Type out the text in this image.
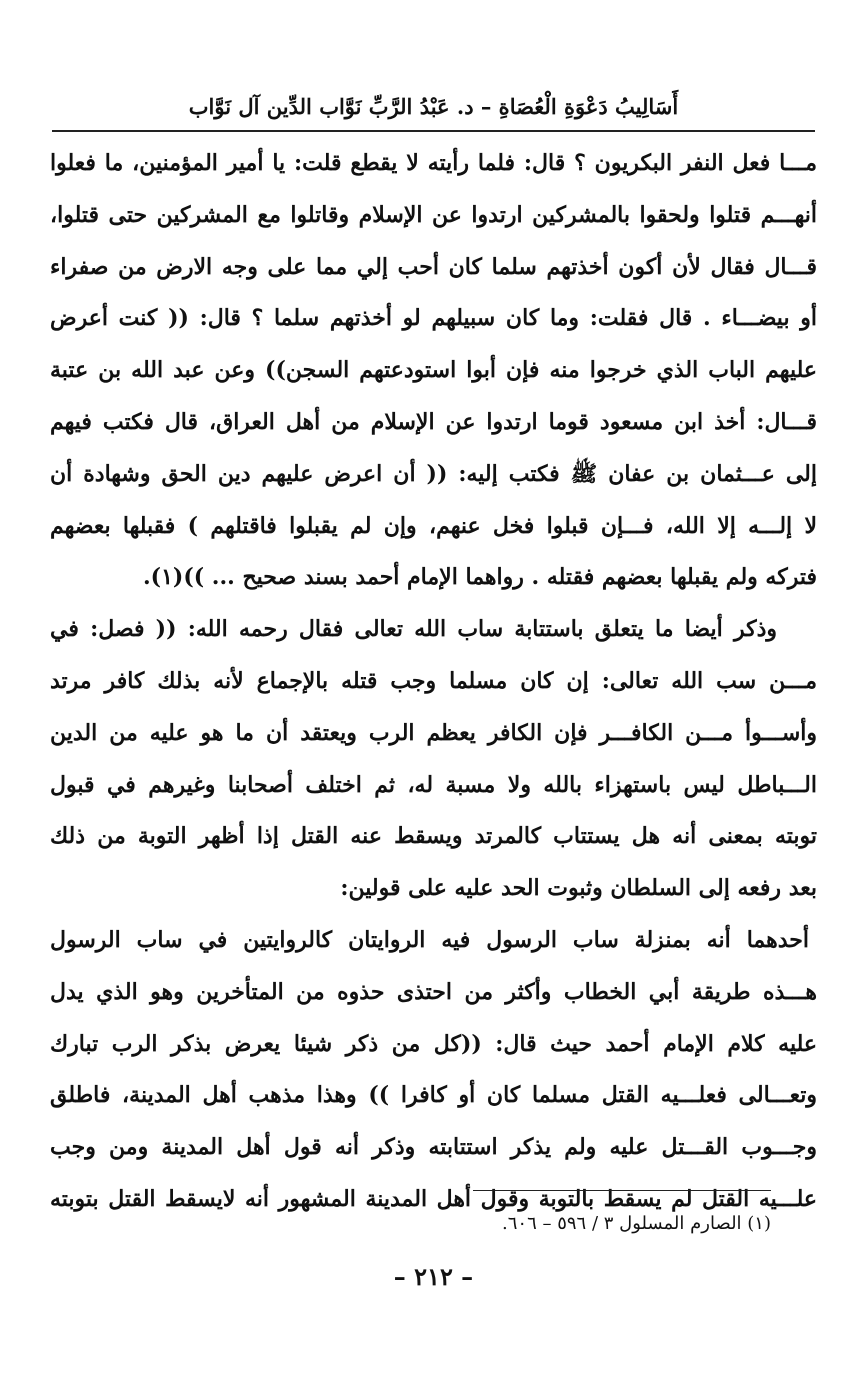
أَسَالِيبُ دَعْوَةِ الْعُصَاةِ – د. عَبْدُ الرَّبِّ نَوَّاب الدِّين آل نَوَّاب
مـــا فعل النفر البكريون ؟ قال: فلما رأيته لا يقطع قلت: يا أمير المؤمنين، ما فعلوا
أنهـــم قتلوا ولحقوا بالمشركين ارتدوا عن الإسلام وقاتلوا مع المشركين حتى قتلوا،
قـــال فقال لأن أكون أخذتهم سلما كان أحب إلي مما على وجه الارض من صفراء
أو بيضـــاء . قال فقلت: وما كان سبيلهم لو أخذتهم سلما ؟ قال: (( كنت أعرض
عليهم الباب الذي خرجوا منه فإن أبوا استودعتهم السجن)) وعن عبد الله بن عتبة
قـــال: أخذ ابن مسعود قوما ارتدوا عن الإسلام من أهل العراق، قال فكتب فيهم
إلى عـــثمان بن عفان ﷺ فكتب إليه: (( أن اعرض عليهم دين الحق وشهادة أن
لا إلـــه إلا الله، فـــإن قبلوا فخل عنهم، وإن لم يقبلوا فاقتلهم ) فقبلها بعضهم
فتركه ولم يقبلها بعضهم فقتله . رواهما الإمام أحمد بسند صحيح ... ))(١).
وذكر أيضا ما يتعلق باستتابة ساب الله تعالى فقال رحمه الله: (( فصل: في
مـــن سب الله تعالى: إن كان مسلما وجب قتله بالإجماع لأنه بذلك كافر مرتد
وأســـوأ مـــن الكافـــر فإن الكافر يعظم الرب ويعتقد أن ما هو عليه من الدين
الـــباطل ليس باستهزاء بالله ولا مسبة له، ثم اختلف أصحابنا وغيرهم في قبول
توبته بمعنى أنه هل يستتاب كالمرتد ويسقط عنه القتل إذا أظهر التوبة من ذلك
بعد رفعه إلى السلطان وثبوت الحد عليه على قولين:
أحدهما أنه بمنزلة ساب الرسول فيه الروايتان كالروايتين في ساب الرسول
هـــذه طريقة أبي الخطاب وأكثر من احتذى حذوه من المتأخرين وهو الذي يدل
عليه كلام الإمام أحمد حيث قال: ((كل من ذكر شيئا يعرض بذكر الرب تبارك
وتعـــالى فعلـــيه القتل مسلما كان أو كافرا )) وهذا مذهب أهل المدينة، فاطلق
وجـــوب القـــتل عليه ولم يذكر استتابته وذكر أنه قول أهل المدينة ومن وجب
علـــيه القتل لم يسقط بالتوبة وقول أهل المدينة المشهور أنه لايسقط القتل بتوبته
(١) الصارم المسلول ٣ / ٥٩٦ – ٦٠٦.
– ٢١٢ –
